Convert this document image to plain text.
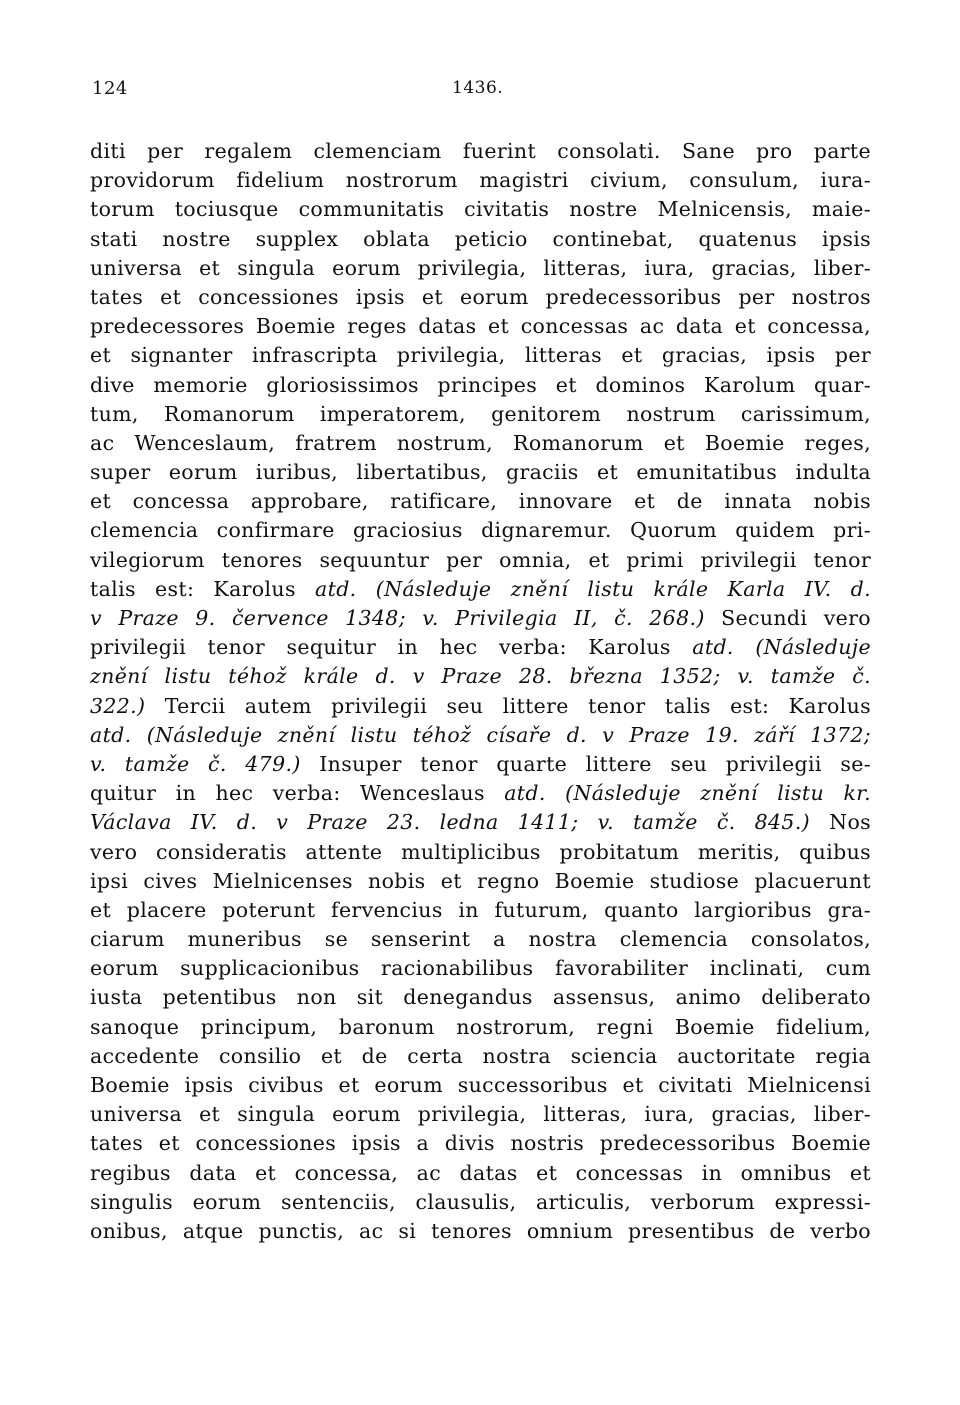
124	1436.
diti per regalem clemenciam fuerint consolati. Sane pro parte
providorum fidelium nostrorum magistri civium, consulum, iura-
torum tociusque communitatis civitatis nostre Melnicensis, maie-
stati nostre supplex oblata peticio continebat, quatenus ipsis
universa et singula eorum privilegia, litteras, iura, gracias, liber-
tates et concessiones ipsis et eorum predecessoribus per nostros
predecessores Boemie reges datas et concessas ac data et concessa,
et signanter infrascripta privilegia, litteras et gracias, ipsis per
dive memorie gloriosissimos principes et dominos Karolum quar-
tum, Romanorum imperatorem, genitorem nostrum carissimum,
ac Wenceslaum, fratrem nostrum, Romanorum et Boemie reges,
super eorum iuribus, libertatibus, graciis et emunitatibus indulta
et concessa approbare, ratificare, innovare et de innata nobis
clemencia confirmare graciosius dignaremur. Quorum quidem pri-
vilegiorum tenores sequuntur per omnia, et primi privilegii tenor
talis est: Karolus atd. (Následuje znění listu krále Karla IV. d.
v Praze 9. července 1348; v. Privilegia II, č. 268.) Secundi vero
privilegii tenor sequitur in hec verba: Karolus atd. (Následuje
znění listu téhož krále d. v Praze 28. března 1352; v. tamže č.
322.) Tercii autem privilegii seu littere tenor talis est: Karolus
atd. (Následuje znění listu téhož císaře d. v Praze 19. září 1372;
v. tamže č. 479.) Insuper tenor quarte littere seu privilegii se-
quitur in hec verba: Wenceslaus atd. (Následuje znění listu kr.
Václava IV. d. v Praze 23. ledna 1411; v. tamže č. 845.) Nos
vero consideratis attente multiplicibus probitatum meritis, quibus
ipsi cives Mielnicenses nobis et regno Boemie studiose placuerunt
et placere poterunt fervencius in futurum, quanto largioribus gra-
ciarum muneribus se senserint a nostra clemencia consolatos,
eorum supplicacionibus racionabilibus favorabiliter inclinati, cum
iusta petentibus non sit denegandus assensus, animo deliberato
sanoque principum, baronum nostrorum, regni Boemie fidelium,
accedente consilio et de certa nostra sciencia auctoritate regia
Boemie ipsis civibus et eorum successoribus et civitati Mielnicensi
universa et singula eorum privilegia, litteras, iura, gracias, liber-
tates et concessiones ipsis a divis nostris predecessoribus Boemie
regibus data et concessa, ac datas et concessas in omnibus et
singulis eorum sentenciis, clausulis, articulis, verborum expressi-
onibus, atque punctis, ac si tenores omnium presentibus de verbo
